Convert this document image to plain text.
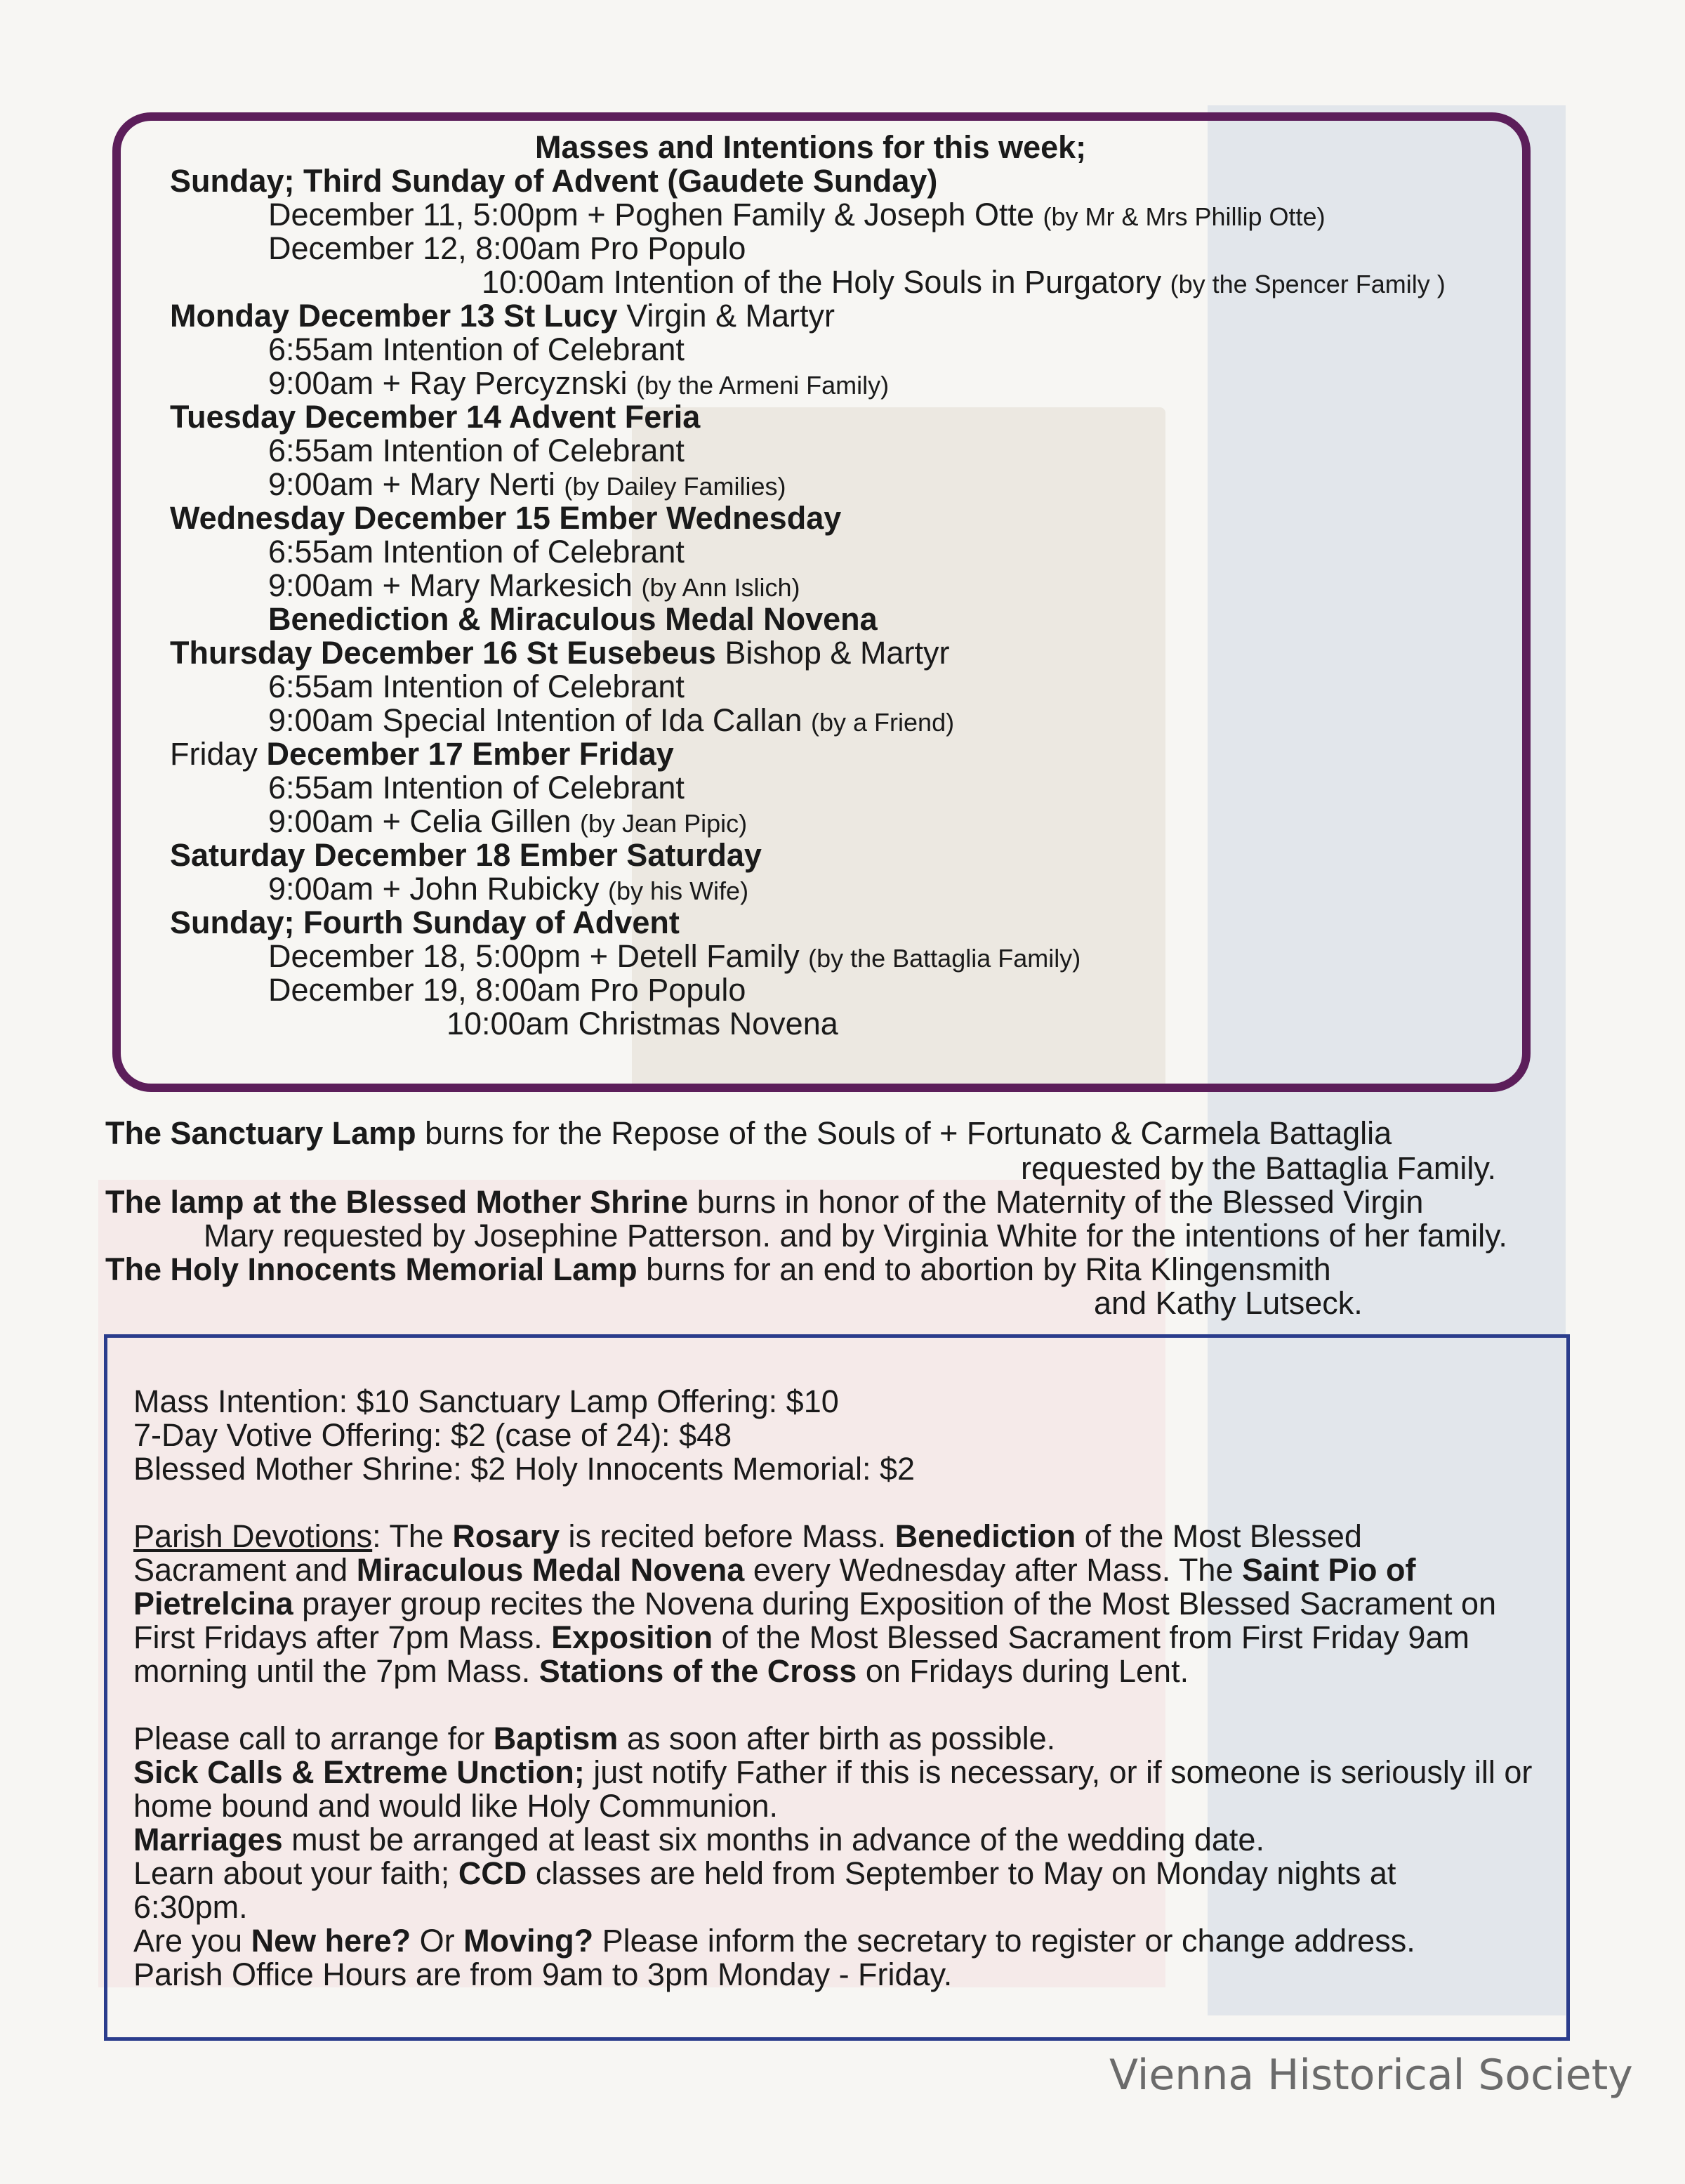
Masses and Intentions for this week;
Sunday; Third Sunday of Advent (Gaudete Sunday)
December 11, 5:00pm + Poghen Family & Joseph Otte (by Mr & Mrs Phillip Otte)
December 12, 8:00am Pro Populo
10:00am Intention of the Holy Souls in Purgatory (by the Spencer Family )
Monday December 13 St Lucy Virgin & Martyr
6:55am Intention of Celebrant
9:00am + Ray Percyznski (by the Armeni Family)
Tuesday December 14 Advent Feria
6:55am Intention of Celebrant
9:00am + Mary Nerti (by Dailey Families)
Wednesday December 15 Ember Wednesday
6:55am Intention of Celebrant
9:00am + Mary Markesich (by Ann Islich)
Benediction & Miraculous Medal Novena
Thursday December 16 St Eusebeus Bishop & Martyr
6:55am Intention of Celebrant
9:00am Special Intention of Ida Callan (by a Friend)
Friday December 17 Ember Friday
6:55am Intention of Celebrant
9:00am + Celia Gillen (by Jean Pipic)
Saturday December 18 Ember Saturday
9:00am + John Rubicky (by his Wife)
Sunday; Fourth Sunday of Advent
December 18, 5:00pm + Detell Family (by the Battaglia Family)
December 19, 8:00am Pro Populo
10:00am Christmas Novena
The Sanctuary Lamp burns for the Repose of the Souls of + Fortunato & Carmela Battaglia
requested by the Battaglia Family.
The lamp at the Blessed Mother Shrine burns in honor of the Maternity of the Blessed Virgin
Mary requested by Josephine Patterson. and by Virginia White for the intentions of her family.
The Holy Innocents Memorial Lamp burns for an end to abortion by Rita Klingensmith
and Kathy Lutseck.
Mass Intention: $10 Sanctuary Lamp Offering: $10
7-Day Votive Offering: $2 (case of 24): $48
Blessed Mother Shrine: $2 Holy Innocents Memorial: $2
Parish Devotions: The Rosary is recited before Mass. Benediction of the Most Blessed
Sacrament and Miraculous Medal Novena every Wednesday after Mass. The Saint Pio of
Pietrelcina prayer group recites the Novena during Exposition of the Most Blessed Sacrament on
First Fridays after 7pm Mass. Exposition of the Most Blessed Sacrament from First Friday 9am
morning until the 7pm Mass. Stations of the Cross on Fridays during Lent.
Please call to arrange for Baptism as soon after birth as possible.
Sick Calls & Extreme Unction; just notify Father if this is necessary, or if someone is seriously ill or
home bound and would like Holy Communion.
Marriages must be arranged at least six months in advance of the wedding date.
Learn about your faith; CCD classes are held from September to May on Monday nights at
6:30pm.
Are you New here? Or Moving? Please inform the secretary to register or change address.
Parish Office Hours are from 9am to 3pm Monday - Friday.
Vienna Historical Society
